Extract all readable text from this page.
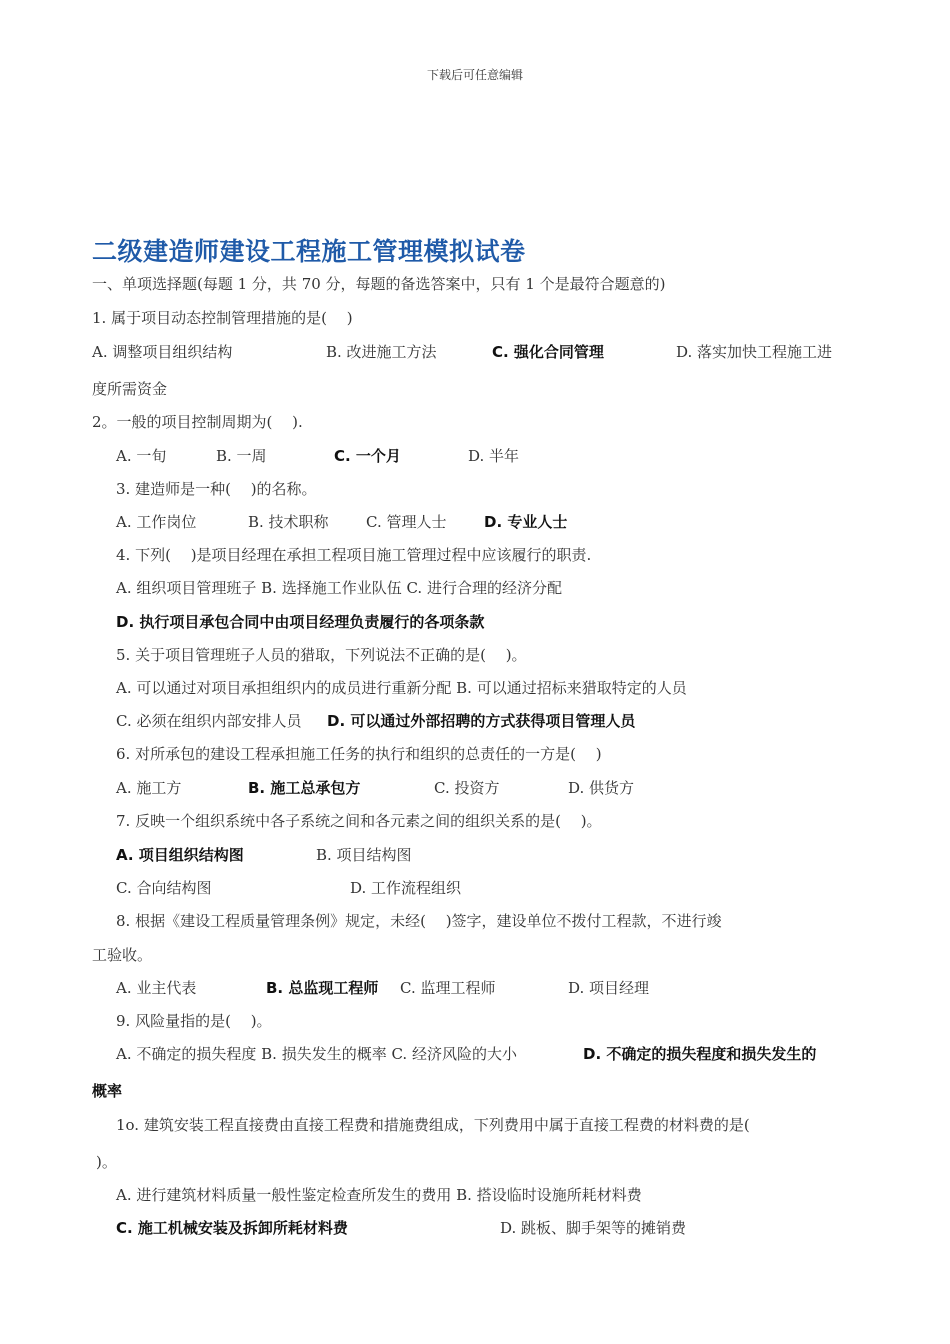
下载后可任意编辑
二级建造师建设工程施工管理模拟试卷
一、单项选择题(每题 1 分，共 70 分，每题的备选答案中，只有 1 个是最符合题意的)
1. 属于项目动态控制管理措施的是(　 )
A. 调整项目组织结构	B. 改进施工方法	C. 强化合同管理	D. 落实加快工程施工进
度所需资金
2。一般的项目控制周期为(　 ).
A. 一旬	B. 一周	C. 一个月	D. 半年
3. 建造师是一种(　 )的名称。
A. 工作岗位	B. 技术职称 C. 管理人士	D. 专业人士
4. 下列(　 )是项目经理在承担工程项目施工管理过程中应该履行的职责.
A. 组织项目管理班子 B. 选择施工作业队伍 C. 进行合理的经济分配
D. 执行项目承包合同中由项目经理负责履行的各项条款
5. 关于项目管理班子人员的猎取，下列说法不正确的是(　 )。
A. 可以通过对项目承担组织内的成员进行重新分配 B. 可以通过招标来猎取特定的人员
C. 必须在组织内部安排人员 D. 可以通过外部招聘的方式获得项目管理人员
6. 对所承包的建设工程承担施工任务的执行和组织的总责任的一方是(　 )
A. 施工方	B. 施工总承包方	C. 投资方	D. 供货方
7. 反映一个组织系统中各子系统之间和各元素之间的组织关系的是(　 )。
A. 项目组织结构图	B. 项目结构图
C. 合向结构图	D. 工作流程组织
8. 根据《建设工程质量管理条例》规定，未经(　 )签字，建设单位不拨付工程款，不进行竣
工验收。
A. 业主代表	B. 总监现工程师 C. 监理工程师	D. 项目经理
9. 风险量指的是(　 )。
A. 不确定的损失程度 B. 损失发生的概率 C. 经济风险的大小	D. 不确定的损失程度和损失发生的
概率
1o. 建筑安装工程直接费由直接工程费和措施费组成，下列费用中属于直接工程费的材料费的是(
)。
A. 进行建筑材料质量一般性鉴定检查所发生的费用 B. 搭设临时设施所耗材料费
C. 施工机械安装及拆卸所耗材料费	D. 跳板、脚手架等的摊销费
